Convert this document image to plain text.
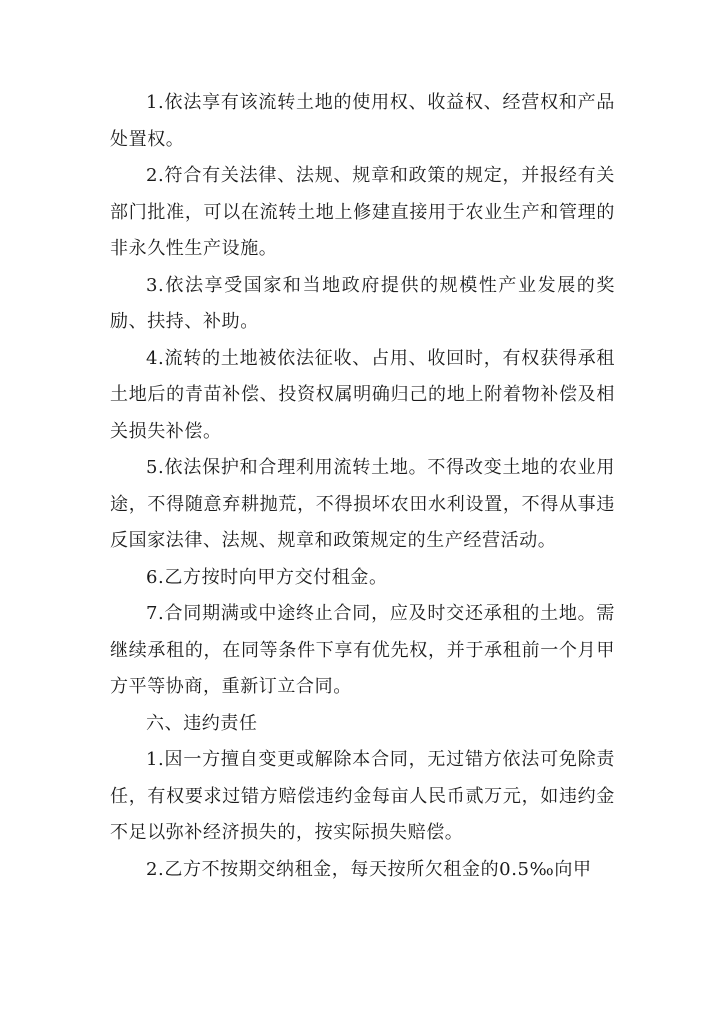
1.依法享有该流转土地的使用权、收益权、经营权和产品处置权。

2.符合有关法律、法规、规章和政策的规定，并报经有关部门批准，可以在流转土地上修建直接用于农业生产和管理的非永久性生产设施。

3.依法享受国家和当地政府提供的规模性产业发展的奖励、扶持、补助。

4.流转的土地被依法征收、占用、收回时，有权获得承租土地后的青苗补偿、投资权属明确归己的地上附着物补偿及相关损失补偿。

5.依法保护和合理利用流转土地。不得改变土地的农业用途，不得随意弃耕抛荒，不得损坏农田水利设置，不得从事违反国家法律、法规、规章和政策规定的生产经营活动。

6.乙方按时向甲方交付租金。

7.合同期满或中途终止合同，应及时交还承租的土地。需继续承租的，在同等条件下享有优先权，并于承租前一个月甲方平等协商，重新订立合同。

六、违约责任

1.因一方擅自变更或解除本合同，无过错方依法可免除责任，有权要求过错方赔偿违约金每亩人民币贰万元，如违约金不足以弥补经济损失的，按实际损失赔偿。

2.乙方不按期交纳租金，每天按所欠租金的0.5‰向甲
